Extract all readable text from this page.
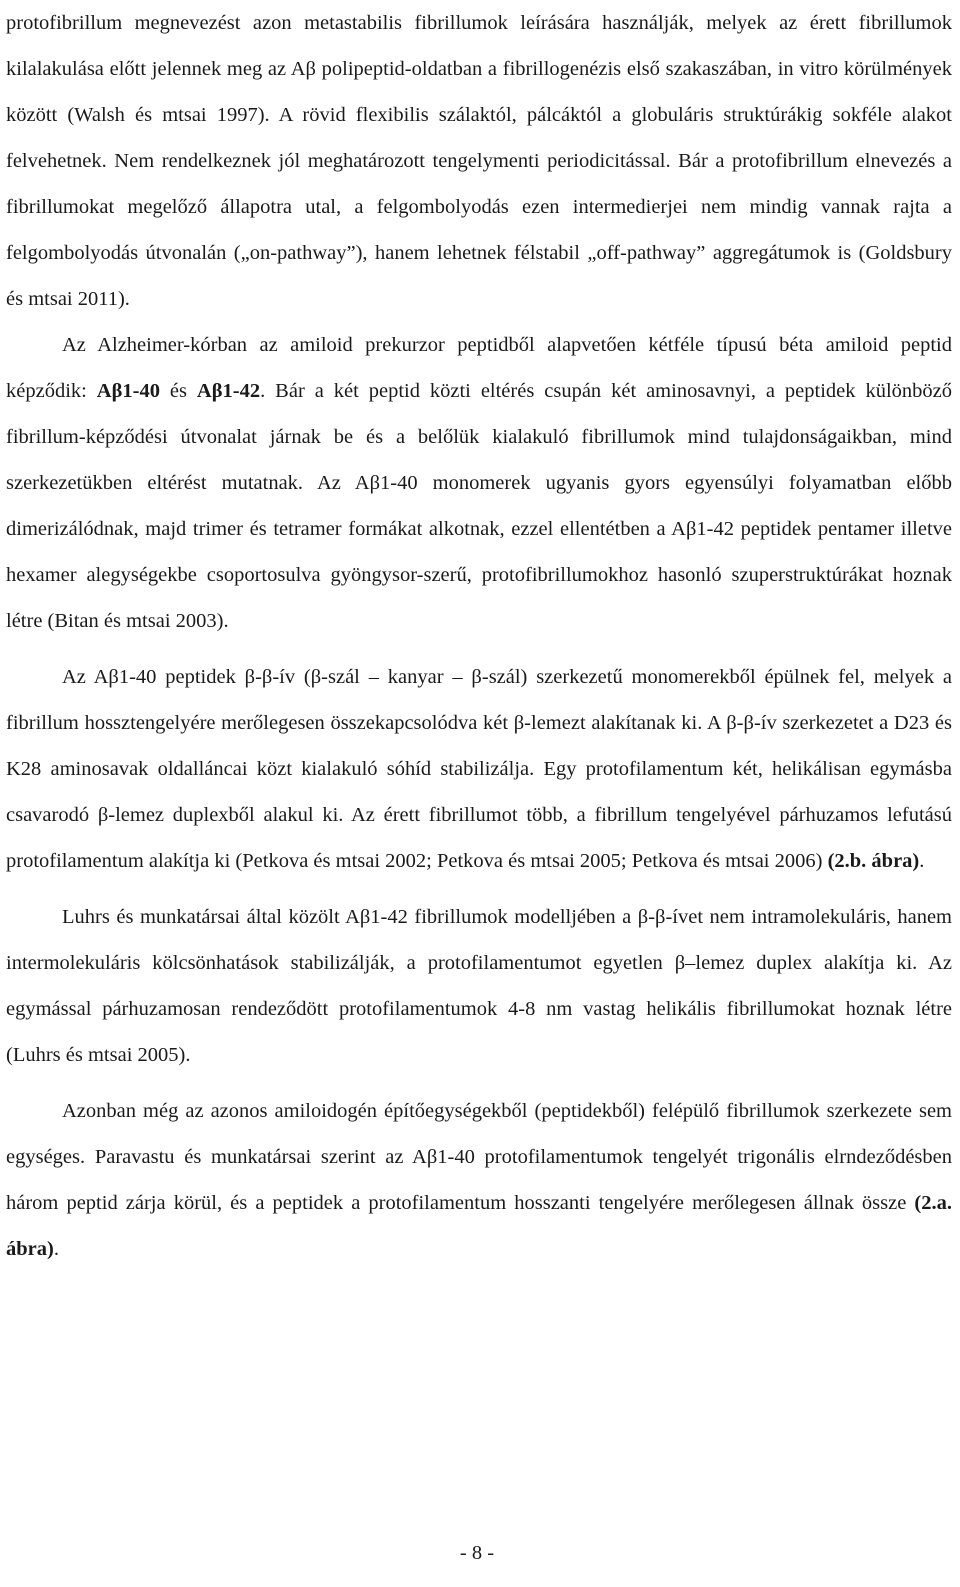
protofibrillum megnevezést azon metastabilis fibrillumok leírására használják, melyek az érett fibrillumok kilalakulása előtt jelennek meg az Aβ polipeptid-oldatban a fibrillogenézis első szakaszában, in vitro körülmények között (Walsh és mtsai 1997). A rövid flexibilis szálaktól, pálcáktól a globuláris struktúrákig sokféle alakot felvehetnek. Nem rendelkeznek jól meghatározott tengelymenti periodicitással. Bár a protofibrillum elnevezés a fibrillumokat megelőző állapotra utal, a felgombolyodás ezen intermedierjei nem mindig vannak rajta a felgombolyodás útvonalán („on-pathway”), hanem lehetnek félstabil „off-pathway” aggregátumok is (Goldsbury és mtsai 2011).

Az Alzheimer-kórban az amiloid prekurzor peptidből alapvetően kétféle típusú béta amiloid peptid képződik: Aβ1-40 és Aβ1-42. Bár a két peptid közti eltérés csupán két aminosavnyi, a peptidek különböző fibrillum-képződési útvonalat járnak be és a belőlük kialakuló fibrillumok mind tulajdonságaikban, mind szerkezetükben eltérést mutatnak. Az Aβ1-40 monomerek ugyanis gyors egyensúlyi folyamatban előbb dimerizálódnak, majd trimer és tetramer formákat alkotnak, ezzel ellentétben a Aβ1-42 peptidek pentamer illetve hexamer alegységekbe csoportosulva gyöngysor-szerű, protofibrillumokhoz hasonló szuperstruktúrákat hoznak létre (Bitan és mtsai 2003).

Az Aβ1-40 peptidek β-β-ív (β-szál – kanyar – β-szál) szerkezetű monomerekből épülnek fel, melyek a fibrillum hossztengelyére merőlegesen összekapcsolódva két β-lemezt alakítanak ki. A β-β-ív szerkezetet a D23 és K28 aminosavak oldalláncai közt kialakuló sóhíd stabilizálja. Egy protofilamentum két, helikálisan egymásba csavarodó β-lemez duplexből alakul ki. Az érett fibrillumot több, a fibrillum tengelyével párhuzamos lefutású protofilamentum alakítja ki (Petkova és mtsai 2002; Petkova és mtsai 2005; Petkova és mtsai 2006) (2.b. ábra).

Luhrs és munkatársai által közölt Aβ1-42 fibrillumok modelljében a β-β-ívet nem intramolekuláris, hanem intermolekuláris kölcsönhatások stabilizálják, a protofilamentumot egyetlen β–lemez duplex alakítja ki. Az egymással párhuzamosan rendeződött protofilamentumok 4-8 nm vastag helikális fibrillumokat hoznak létre (Luhrs és mtsai 2005).

Azonban még az azonos amiloidogén építőegységekből (peptidekből) felépülő fibrillumok szerkezete sem egységes. Paravastu és munkatársai szerint az Aβ1-40 protofilamentumok tengelyét trigonális elrndeződésben három peptid zárja körül, és a peptidek a protofilamentum hosszanti tengelyére merőlegesen állnak össze (2.a. ábra).

- 8 -
